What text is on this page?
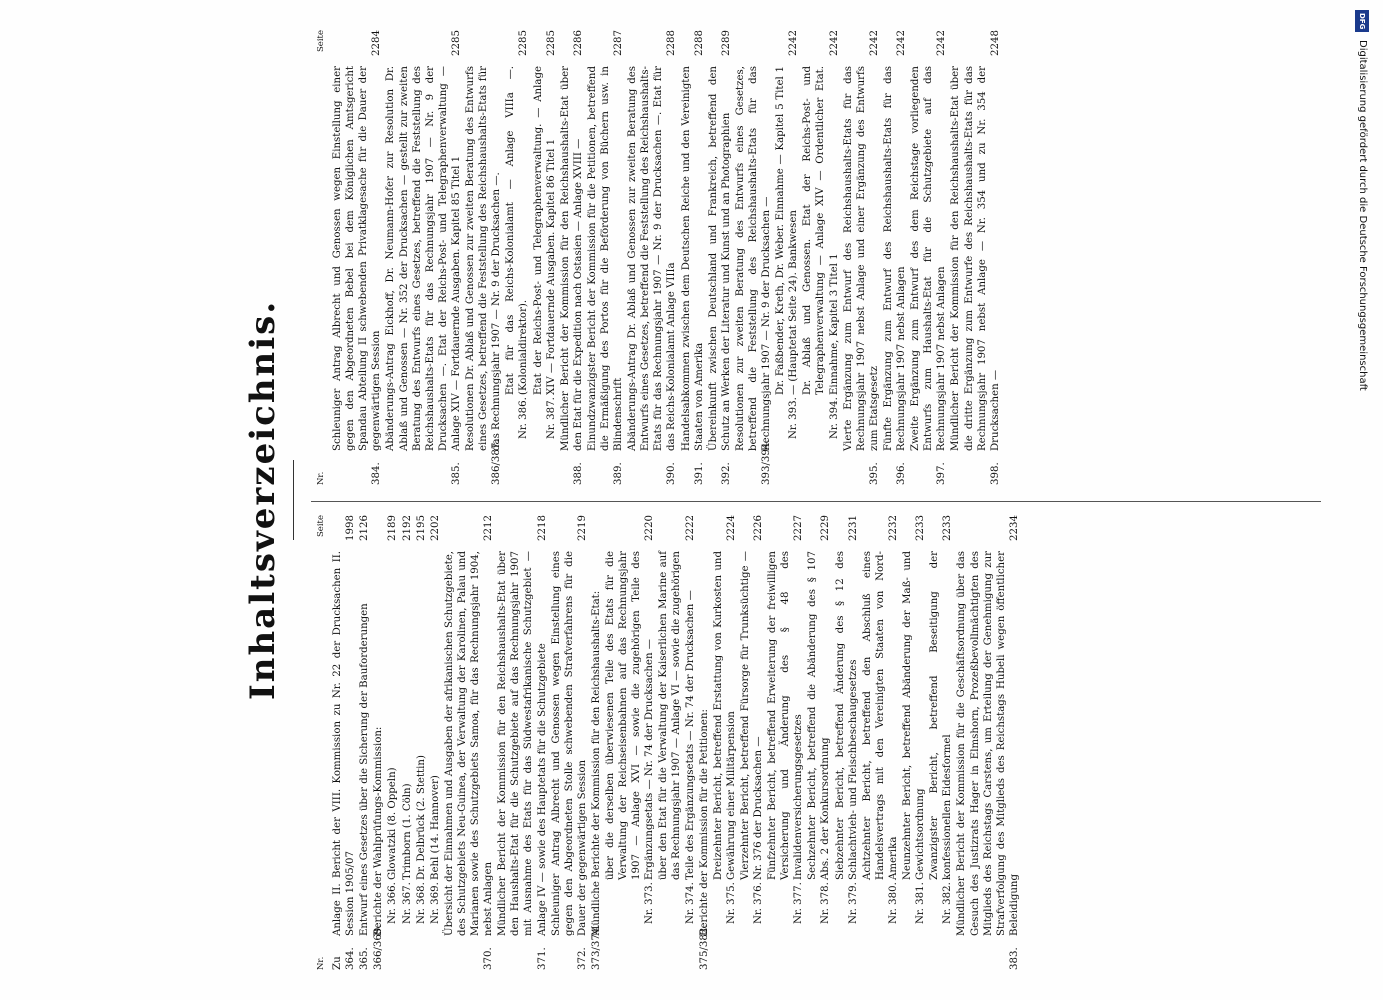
Inhaltsverzeichnis.
Nr.
Seite
Zu 364.
Anlage II. Bericht der VIII. Kommission zu Nr. 22 der Drucksachen II. Session 1905/07
1998
365.
Entwurf eines Gesetzes über die Sicherung der Bauforderungen
2126
366/369.
Berichte der Wahlprüfungs-Kommission: Nr. 366.
Glowatzki (8. Oppeln)
2189
Nr. 367.
Trimborn (1. Cöln)
2192
Nr. 368.
Dr. Delbrück (2. Stettin)
2195
Nr. 369.
Behl (14. Hannover)
2202
370.
Übersicht der Einnahmen und Ausgaben der afrikanischen Schutzgebiete, des Schutzgebiets Neu-Guinea, der Verwaltung der Karolinen, Palau und Marianen sowie des Schutzgebiets Samoa, für das Rechnungsjahr 1904, nebst Anlagen
2212
371.
Mündlicher Bericht der Kommission für den Reichshaushalts-Etat über den Haushalts-Etat für die Schutzgebiete auf das Rechnungsjahr 1907 mit Ausnahme des Etats für das Südwestafrikanische Schutzgebiet — Anlage IV — sowie des Hauptetats für die Schutzgebiete
2218
372.
Schleuniger Antrag Albrecht und Genossen wegen Einstellung eines gegen den Abgeordneten Stolle schwebenden Strafverfahrens für die Dauer der gegenwärtigen Session
2219
373/374.
Mündliche Berichte der Kommission für den Reichshaushalts-Etat:	Nr. 373.
über die derselben überwiesenen Teile des Etats für die Verwaltung der Reichseisenbahnen auf das Rechnungsjahr 1907 — Anlage XVI — sowie die zugehörigen Teile des Ergänzungsetats — Nr. 74 der Drucksachen —
2220
Nr. 374.
über den Etat für die Verwaltung der Kaiserlichen Marine auf das Rechnungsjahr 1907 — Anlage VI — sowie die zugehörigen Teile des Ergänzungsetats — Nr. 74 der Drucksachen —
2222
375/382.
Berichte der Kommission für die Petitionen: Nr. 375.
Dreizehnter Bericht, betreffend Erstattung von Kurkosten und Gewährung einer Militärpension
2224
Nr. 376.
Vierzehnter Bericht, betreffend Fürsorge für Trunksüchtige — Nr. 376 der Drucksachen —
2226
Nr. 377.
Fünfzehnter Bericht, betreffend Erweiterung der freiwilligen Versicherung und Änderung des § 48 des Invalidenversicherungsgesetzes
2227
Nr. 378.
Sechzehnter Bericht, betreffend die Abänderung des § 107 Abs. 2 der Konkursordnung
2229
Nr. 379.
Siebzehnter Bericht, betreffend Änderung des § 12 des Schlachtvieh- und Fleischbeschaugesetzes
2231
Nr. 380.
Achtzehnter Bericht, betreffend den Abschluß eines Handelsvertrags mit den Vereinigten Staaten von Nord-Amerika
2232
Nr. 381.
Neunzehnter Bericht, betreffend Abänderung der Maß- und Gewichtsordnung
2233
Nr. 382.
Zwanzigster Bericht, betreffend Beseitigung der konfessionellen Eidesformel
2233
383.
Mündlicher Bericht der Kommission für die Geschäftsordnung über das Gesuch des Justizrats Hager in Elmshorn, Prozeßbevollmächtigten des Mitglieds des Reichstags Carstens, um Erteilung der Genehmigung zur Strafverfolgung des Mitglieds des Reichstags Hubeli wegen öffentlicher Beleidigung
2234
Nr.
Seite
384.
Schleuniger Antrag Albrecht und Genossen wegen Einstellung einer gegen den Abgeordneten Bebel bei dem Königlichen Amtsgericht Spandau Abteilung II schwebenden Privatklagesache für die Dauer der gegenwärtigen Session
2284
385.
Abänderungs-Antrag Eickhoff, Dr. Neumann-Hofer zur Resolution Dr. Ablaß und Genossen — Nr. 352 der Drucksachen — gestellt zur zweiten Beratung des Entwurfs eines Gesetzes, betreffend die Feststellung des Reichshaushalts-Etats für das Rechnungsjahr 1907 — Nr. 9 der Drucksachen —. Etat der Reichs-Post- und Telegraphenverwaltung — Anlage XIV — Fortdauernde Ausgaben. Kapitel 85 Titel 1
2285
386/387.
Resolutionen Dr. Ablaß und Genossen zur zweiten Beratung des Entwurfs eines Gesetzes, betreffend die Feststellung des Reichshaushalts-Etats für das Rechnungsjahr 1907 — Nr. 9 der Drucksachen —. Nr. 386.
Etat für das Reichs-Kolonialamt — Anlage VIIIa —. (Kolonialdirektor).
2285
Nr. 387.
Etat der Reichs-Post- und Telegraphenverwaltung. — Anlage XIV — Fortdauernde Ausgaben. Kapitel 86 Titel 1
2285
388.
Mündlicher Bericht der Kommission für den Reichshaushalts-Etat über den Etat für die Expedition nach Ostasien — Anlage XVIII —
2286
389.
Einundzwanzigster Bericht der Kommission für die Petitionen, betreffend die Ermäßigung des Portos für die Beförderung von Büchern usw. in Blindenschrift
2287
390.
Abänderungs-Antrag Dr. Ablaß und Genossen zur zweiten Beratung des Entwurfs eines Gesetzes, betreffend die Feststellung des Reichshaushalts-Etats für das Rechnungsjahr 1907 — Nr. 9 der Drucksachen —. Etat für das Reichs-Kolonialamt Anlage VIIIa
2288
391.
Handelsabkommen zwischen dem Deutschen Reiche und den Vereinigten Staaten von Amerika
2288
392.
Übereinkunft zwischen Deutschland und Frankreich, betreffend den Schutz an Werken der Literatur und Kunst und an Photographien
2289
393/394.
Resolutionen zur zweiten Beratung des Entwurfs eines Gesetzes, betreffend die Feststellung des Reichshaushalts-Etats für das Rechnungsjahr 1907 — Nr. 9 der Drucksachen — Nr. 393.
Dr. Faßbender, Kreth, Dr. Weber. Einnahme — Kapitel 5 Titel 1 — (Hauptetat Seite 24). Bankwesen
2242
Nr. 394.
Dr. Ablaß und Genossen. Etat der Reichs-Post- und Telegraphenverwaltung — Anlage XIV — Ordentlicher Etat. Einnahme, Kapitel 3 Titel 1
2242
395.
Vierte Ergänzung zum Entwurf des Reichshaushalts-Etats für das Rechnungsjahr 1907 nebst Anlage und einer Ergänzung des Entwurfs zum Etatsgesetz
2242
396.
Fünfte Ergänzung zum Entwurf des Reichshaushalts-Etats für das Rechnungsjahr 1907 nebst Anlagen
2242
397.
Zweite Ergänzung zum Entwurf des dem Reichstage vorliegenden Entwurfs zum Haushalts-Etat für die Schutzgebiete auf das Rechnungsjahr 1907 nebst Anlagen
2242
398.
Mündlicher Bericht der Kommission für den Reichshaushalts-Etat über die dritte Ergänzung zum Entwurfe des Reichshaushalts-Etats für das Rechnungsjahr 1907 nebst Anlage — Nr. 354 und zu Nr. 354 der Drucksachen —
2248
DFG
Digitalisierung gefördert durch die Deutsche Forschungsgemeinschaft
